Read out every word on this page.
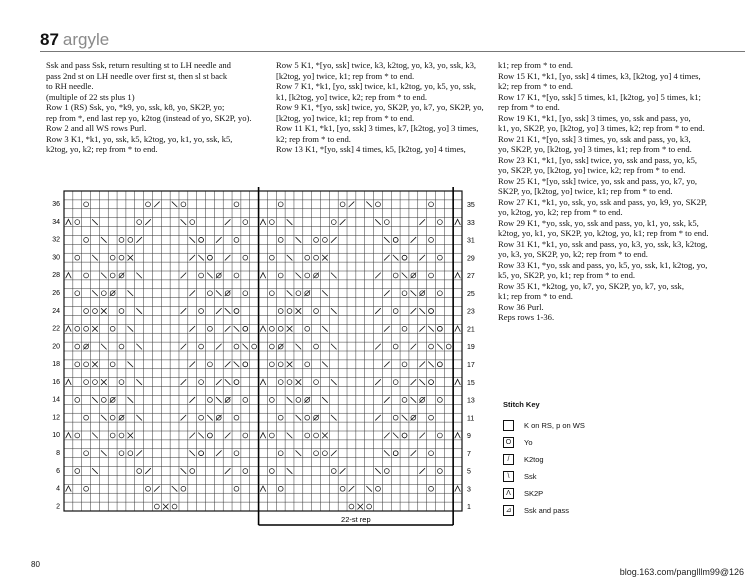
87 argyle

Ssk and pass Ssk, return resulting st to LH needle and

pass 2nd st on LH needle over first st, then sl st back

to RH needle.

(multiple of 22 sts plus 1)

Row 1 (RS) Ssk, yo, *k9, yo, ssk, k8, yo, SK2P, yo;

rep from *, end last rep yo, k2tog (instead of yo, SK2P, yo).

Row 2 and all WS rows Purl.

Row 3 K1, *k1, yo, ssk, k5, k2tog, yo, k1, yo, ssk, k5,

k2tog, yo, k2; rep from * to end.

Row 5 K1, *[yo, ssk] twice, k3, k2tog, yo, k3, yo, ssk, k3,

[k2tog, yo] twice, k1; rep from * to end.

Row 7 K1, *k1, [yo, ssk] twice, k1, k2tog, yo, k5, yo, ssk,

k1, [k2tog, yo] twice, k2; rep from * to end.

Row 9 K1, *[yo, ssk] twice, yo, SK2P, yo, k7, yo, SK2P, yo,

[k2tog, yo] twice, k1; rep from * to end.

Row 11 K1, *k1, [yo, ssk] 3 times, k7, [k2tog, yo] 3 times,

k2; rep from * to end.

Row 13 K1, *[yo, ssk] 4 times, k5, [k2tog, yo] 4 times,

k1; rep from * to end.

Row 15 K1, *k1, [yo, ssk] 4 times, k3, [k2tog, yo] 4 times,

k2; rep from * to end.

Row 17 K1, *[yo, ssk] 5 times, k1, [k2tog, yo] 5 times, k1;

rep from * to end.

Row 19 K1, *k1, [yo, ssk] 3 times, yo, ssk and pass, yo,

k1, yo, SK2P, yo, [k2tog, yo] 3 times, k2; rep from * to end.

Row 21 K1, *[yo, ssk] 3 times, yo, ssk and pass, yo, k3,

yo, SK2P, yo, [k2tog, yo] 3 times, k1; rep from * to end.

Row 23 K1, *k1, [yo, ssk] twice, yo, ssk and pass, yo, k5,

yo, SK2P, yo, [k2tog, yo] twice, k2; rep from * to end.

Row 25 K1, *[yo, ssk] twice, yo, ssk and pass, yo, k7, yo,

SK2P, yo, [k2tog, yo] twice, k1; rep from * to end.

Row 27 K1, *k1, yo, ssk, yo, ssk and pass, yo, k9, yo, SK2P,

yo, k2tog, yo, k2; rep from * to end.

Row 29 K1, *yo, ssk, yo, ssk and pass, yo, k1, yo, ssk, k5,

k2tog, yo, k1, yo, SK2P, yo, k2tog, yo, k1; rep from * to end.

Row 31 K1, *k1, yo, ssk and pass, yo, k3, yo, ssk, k3, k2tog,

yo, k3, yo, SK2P, yo, k2; rep from * to end.

Row 33 K1, *yo, ssk and pass, yo, k5, yo, ssk, k1, k2tog, yo,

k5, yo, SK2P, yo, k1; rep from * to end.

Row 35 K1, *k2tog, yo, k7, yo, SK2P, yo, k7, yo, ssk,

k1; rep from * to end.

Row 36 Purl.

Reps rows 1-36.

36
34
32
30
28
26
24
22
20
18
16
14
12
10
8
6
4
2
35
33
31
29
27
25
23
21
19
17
15
13
11
9
7
5
3
1
22-st rep
Stitch Key
K on RS, p on WS
O	Yo
/	K2tog
\	Ssk
Λ	SK2P
⊿	Ssk and pass
80
blog.163.com/panglllm99@126
